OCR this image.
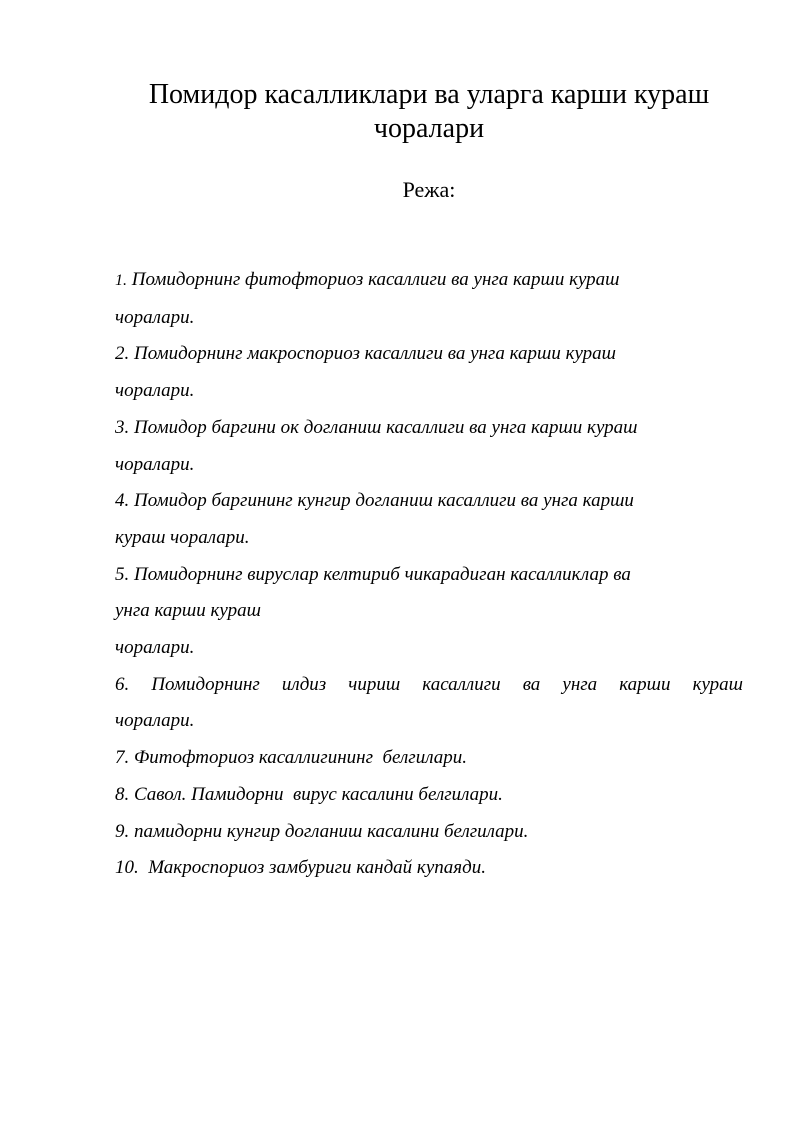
Помидор касалликлари ва уларга карши кураш чоралари

Режа:

1. Помидорнинг фитофториоз касаллиги ва унга карши кураш
чоралари.
2. Помидорнинг макроспориоз касаллиги ва унга карши кураш
чоралари.
3. Помидор баргини ок догланиш касаллиги ва унга карши кураш
чоралари.
4. Помидор баргининг кунгир догланиш касаллиги ва унга карши
кураш чоралари.
5. Помидорнинг вируслар келтириб чикарадиган касалликлар ва
унга карши кураш
чоралари.
6. Помидорнинг илдиз чириш касаллиги ва унга карши кураш
чоралари.
7. Фитофториоз касаллигининг  белгилари.
8. Савол. Памидорни  вирус касалини белгилари.
9. памидорни кунгир догланиш касалини белгилари.
10.  Макроспориоз замбуриги кандай купаяди.
